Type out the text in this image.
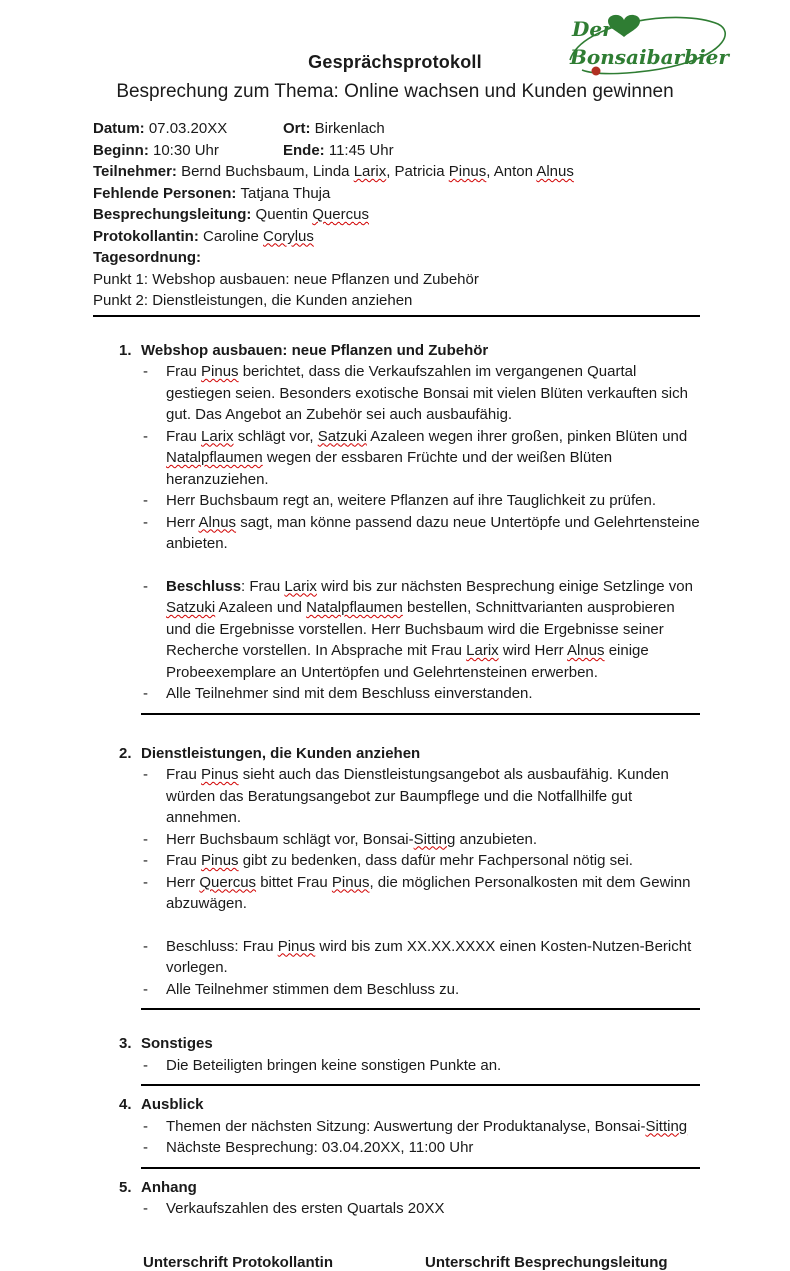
Der
Bonsaibarbier
Gesprächsprotokoll
Besprechung zum Thema: Online wachsen und Kunden gewinnen
Datum: 07.03.20XX	Ort: Birkenlach
Beginn: 10:30 Uhr	Ende: 11:45 Uhr
Teilnehmer: Bernd Buchsbaum, Linda Larix, Patricia Pinus, Anton Alnus
Fehlende Personen: Tatjana Thuja
Besprechungsleitung: Quentin Quercus
Protokollantin: Caroline Corylus
Tagesordnung:
Punkt 1: Webshop ausbauen: neue Pflanzen und Zubehör
Punkt 2: Dienstleistungen, die Kunden anziehen
1. Webshop ausbauen: neue Pflanzen und Zubehör
-	Frau Pinus berichtet, dass die Verkaufszahlen im vergangenen Quartal gestiegen seien. Besonders exotische Bonsai mit vielen Blüten verkauften sich gut. Das Angebot an Zubehör sei auch ausbaufähig.
-	Frau Larix schlägt vor, Satzuki Azaleen wegen ihrer großen, pinken Blüten und Natalpflaumen wegen der essbaren Früchte und der weißen Blüten heranzuziehen.
-	Herr Buchsbaum regt an, weitere Pflanzen auf ihre Tauglichkeit zu prüfen.
-	Herr Alnus sagt, man könne passend dazu neue Untertöpfe und Gelehrtensteine anbieten.
-	Beschluss: Frau Larix wird bis zur nächsten Besprechung einige Setzlinge von Satzuki Azaleen und Natalpflaumen bestellen, Schnittvarianten ausprobieren und die Ergebnisse vorstellen. Herr Buchsbaum wird die Ergebnisse seiner Recherche vorstellen. In Absprache mit Frau Larix wird Herr Alnus einige Probeexemplare an Untertöpfen und Gelehrtensteinen erwerben.
-	Alle Teilnehmer sind mit dem Beschluss einverstanden.
2. Dienstleistungen, die Kunden anziehen
-	Frau Pinus sieht auch das Dienstleistungsangebot als ausbaufähig. Kunden würden das Beratungsangebot zur Baumpflege und die Notfallhilfe gut annehmen.
-	Herr Buchsbaum schlägt vor, Bonsai-Sitting anzubieten.
-	Frau Pinus gibt zu bedenken, dass dafür mehr Fachpersonal nötig sei.
-	Herr Quercus bittet Frau Pinus, die möglichen Personalkosten mit dem Gewinn abzuwägen.
-	Beschluss: Frau Pinus wird bis zum XX.XX.XXXX einen Kosten-Nutzen-Bericht vorlegen.
-	Alle Teilnehmer stimmen dem Beschluss zu.
3. Sonstiges
-	Die Beteiligten bringen keine sonstigen Punkte an.
4. Ausblick
-	Themen der nächsten Sitzung: Auswertung der Produktanalyse, Bonsai-Sitting
-	Nächste Besprechung: 03.04.20XX, 11:00 Uhr
5. Anhang
-	Verkaufszahlen des ersten Quartals 20XX
Unterschrift Protokollantin	Unterschrift Besprechungsleitung
